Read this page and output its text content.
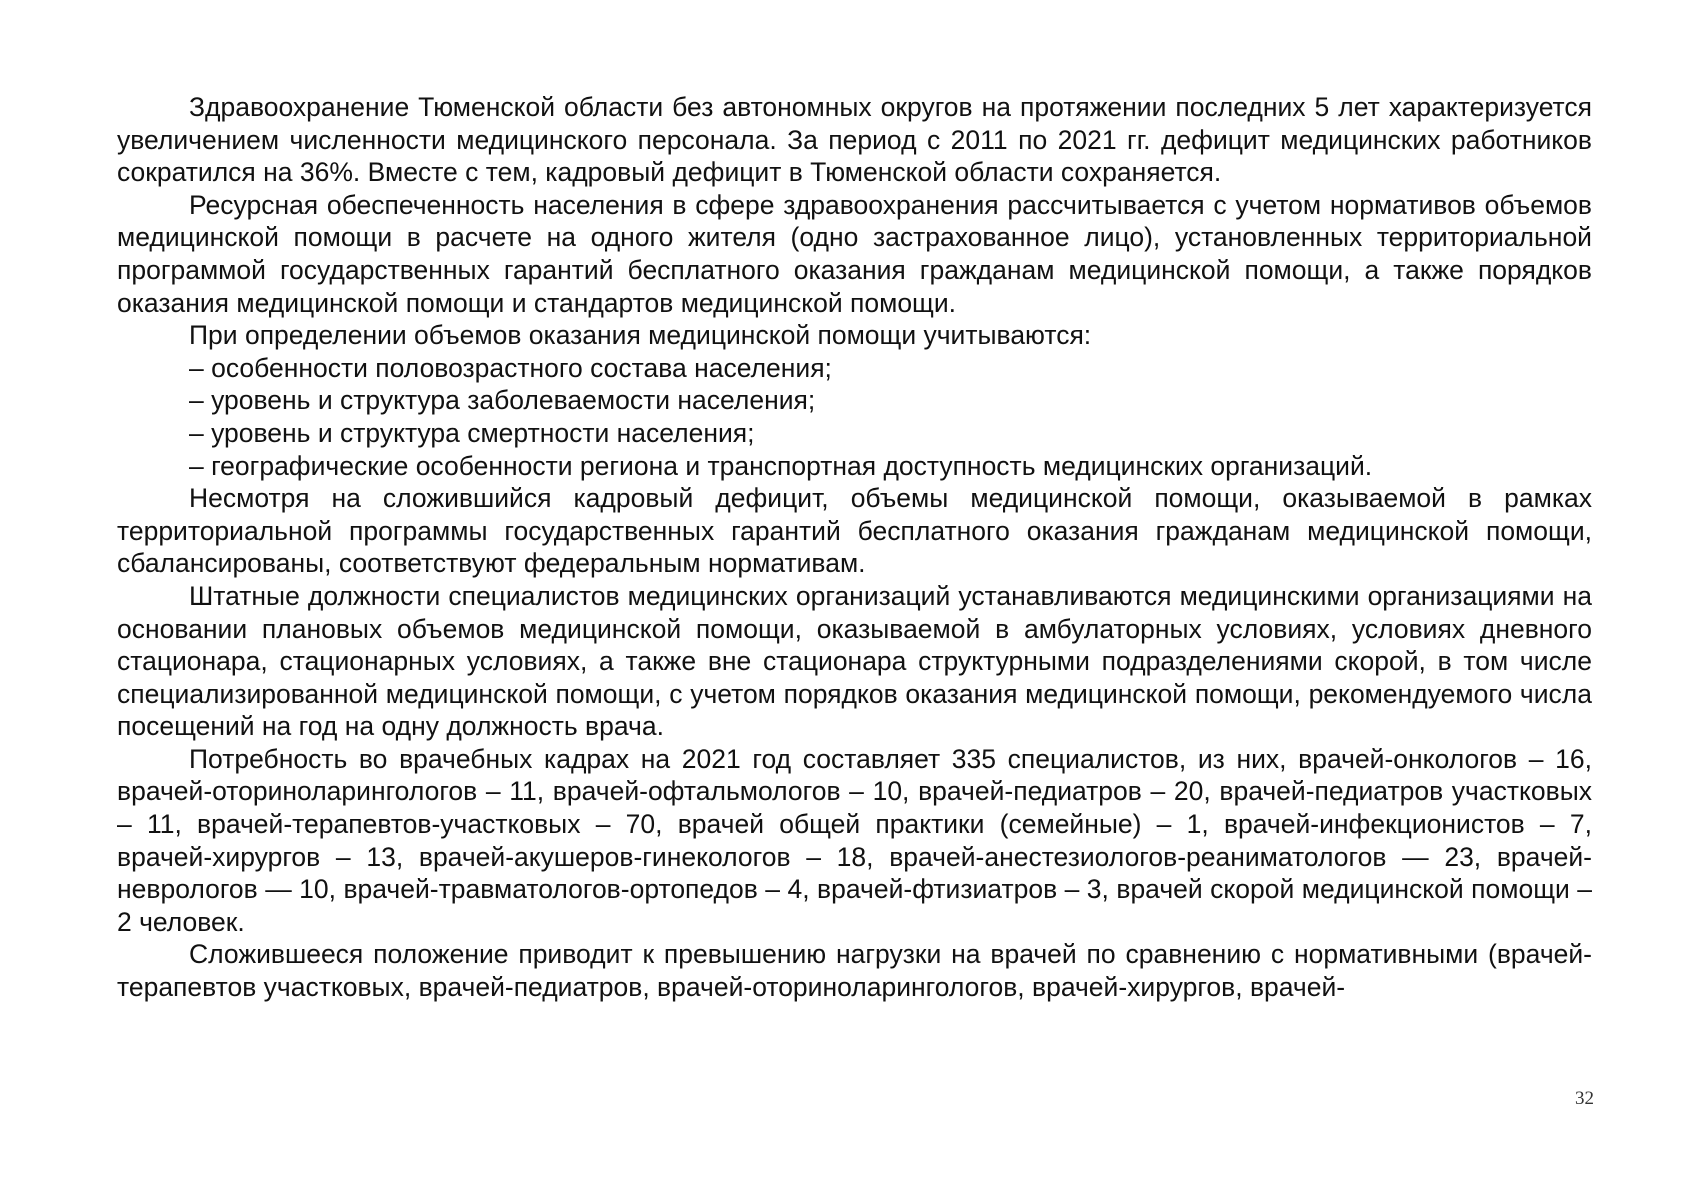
Здравоохранение Тюменской области без автономных округов на протяжении последних 5 лет характеризуется увеличением численности медицинского персонала. За период с 2011 по 2021 гг. дефицит медицинских работников сократился на 36%. Вместе с тем, кадровый дефицит в Тюменской области сохраняется.

Ресурсная обеспеченность населения в сфере здравоохранения рассчитывается с учетом нормативов объемов медицинской помощи в расчете на одного жителя (одно застрахованное лицо), установленных территориальной программой государственных гарантий бесплатного оказания гражданам медицинской помощи, а также порядков оказания медицинской помощи и стандартов медицинской помощи.

При определении объемов оказания медицинской помощи учитываются:

– особенности половозрастного состава населения;

– уровень и структура заболеваемости населения;

– уровень и структура смертности населения;

– географические особенности региона и транспортная доступность медицинских организаций.

Несмотря на сложившийся кадровый дефицит, объемы медицинской помощи, оказываемой в рамках территориальной программы государственных гарантий бесплатного оказания гражданам медицинской помощи, сбалансированы, соответствуют федеральным нормативам.

Штатные должности специалистов медицинских организаций устанавливаются медицинскими организациями на основании плановых объемов медицинской помощи, оказываемой в амбулаторных условиях, условиях дневного стационара, стационарных условиях, а также вне стационара структурными подразделениями скорой, в том числе специализированной медицинской помощи, с учетом порядков оказания медицинской помощи, рекомендуемого числа посещений на год на одну должность врача.

Потребность во врачебных кадрах на 2021 год составляет 335 специалистов, из них, врачей-онкологов – 16, врачей-оториноларингологов – 11, врачей-офтальмологов – 10, врачей-педиатров – 20, врачей-педиатров участковых – 11, врачей-терапевтов-участковых – 70, врачей общей практики (семейные) – 1, врачей-инфекционистов – 7, врачей-хирургов – 13, врачей-акушеров-гинекологов – 18, врачей-анестезиологов-реаниматологов — 23, врачей-неврологов — 10, врачей-травматологов-ортопедов – 4, врачей-фтизиатров – 3, врачей скорой медицинской помощи – 2 человек.

Сложившееся положение приводит к превышению нагрузки на врачей по сравнению с нормативными (врачей-терапевтов участковых, врачей-педиатров, врачей-оториноларингологов, врачей-хирургов, врачей-

32
